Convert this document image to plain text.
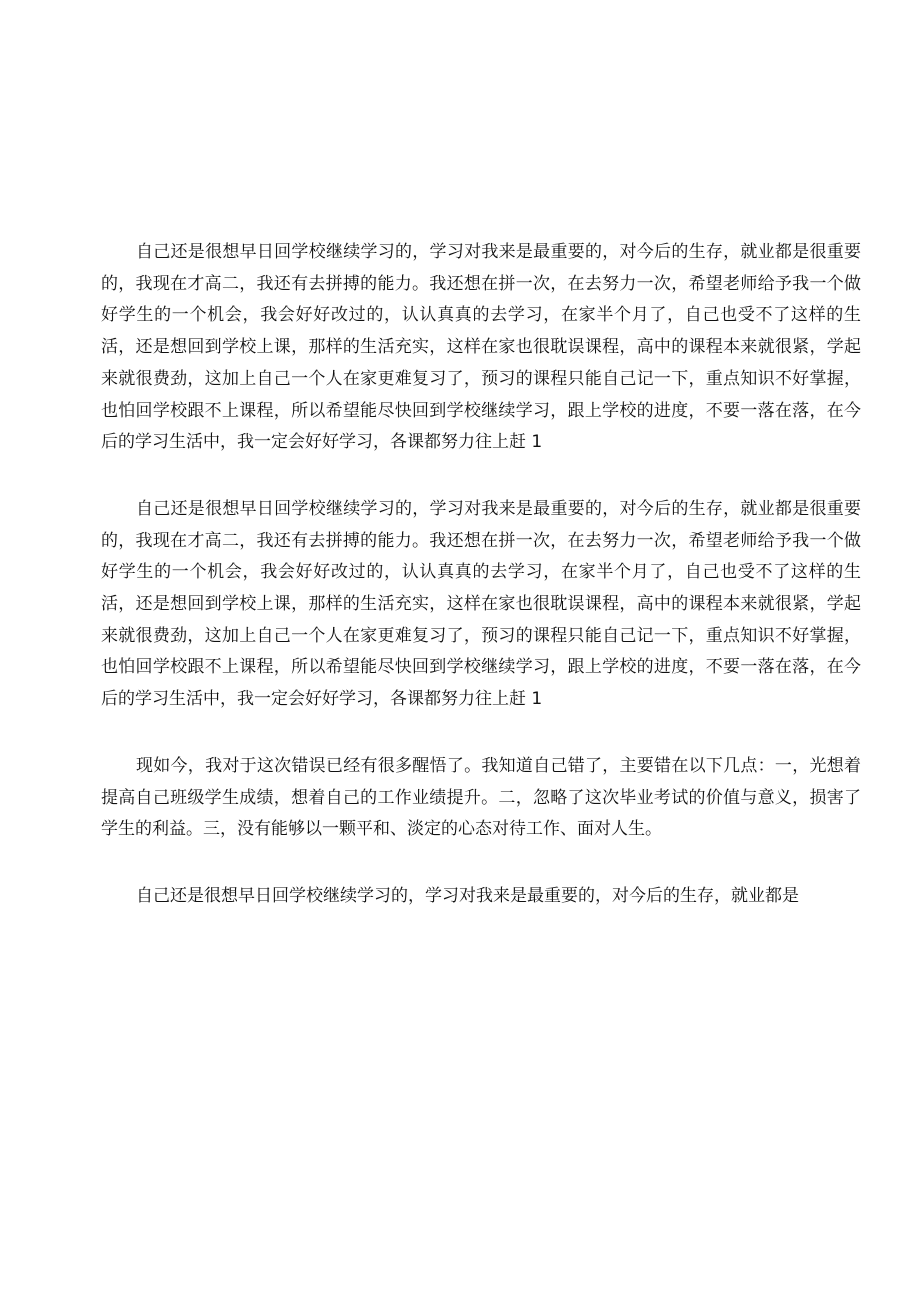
自己还是很想早日回学校继续学习的，学习对我来是最重要的，对今后的生存，就业都是很重要的，我现在才高二，我还有去拼搏的能力。我还想在拼一次，在去努力一次，希望老师给予我一个做好学生的一个机会，我会好好改过的，认认真真的去学习，在家半个月了，自己也受不了这样的生活，还是想回到学校上课，那样的生活充实，这样在家也很耽误课程，高中的课程本来就很紧，学起来就很费劲，这加上自己一个人在家更难复习了，预习的课程只能自己记一下，重点知识不好掌握，也怕回学校跟不上课程，所以希望能尽快回到学校继续学习，跟上学校的进度，不要一落在落，在今后的学习生活中，我一定会好好学习，各课都努力往上赶 1

自己还是很想早日回学校继续学习的，学习对我来是最重要的，对今后的生存，就业都是很重要的，我现在才高二，我还有去拼搏的能力。我还想在拼一次，在去努力一次，希望老师给予我一个做好学生的一个机会，我会好好改过的，认认真真的去学习，在家半个月了，自己也受不了这样的生活，还是想回到学校上课，那样的生活充实，这样在家也很耽误课程，高中的课程本来就很紧，学起来就很费劲，这加上自己一个人在家更难复习了，预习的课程只能自己记一下，重点知识不好掌握，也怕回学校跟不上课程，所以希望能尽快回到学校继续学习，跟上学校的进度，不要一落在落，在今后的学习生活中，我一定会好好学习，各课都努力往上赶 1

现如今，我对于这次错误已经有很多醒悟了。我知道自己错了，主要错在以下几点：一，光想着提高自己班级学生成绩，想着自己的工作业绩提升。二，忽略了这次毕业考试的价值与意义，损害了学生的利益。三，没有能够以一颗平和、淡定的心态对待工作、面对人生。

自己还是很想早日回学校继续学习的，学习对我来是最重要的，对今后的生存，就业都是
